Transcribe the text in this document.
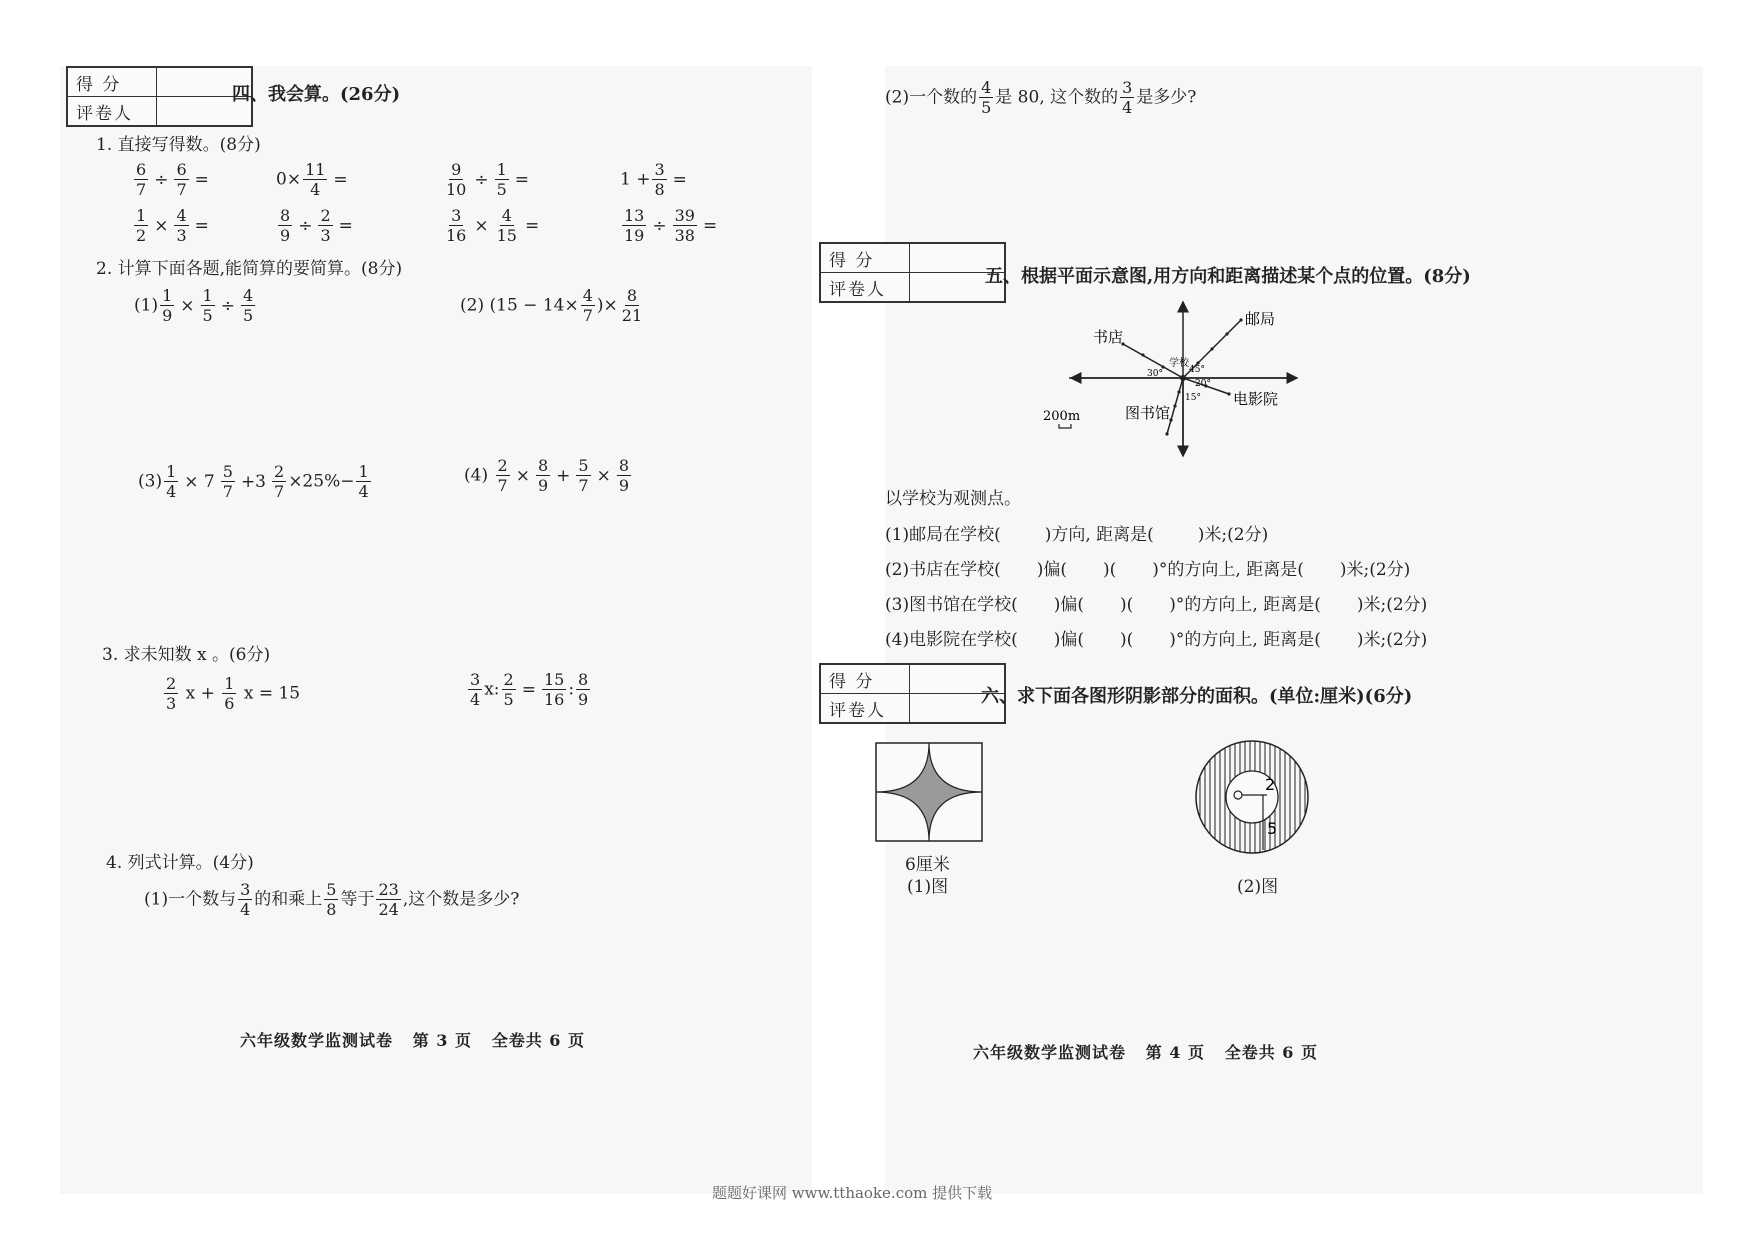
得 分	
评卷人	
四、我会算。(26分)
1. 直接写得数。(8分)
$\frac{6}{7} \div \frac{6}{7}$ =	$0\times \frac{11}{4}$ =	$\frac{9}{10} \div \frac{1}{5}$ =	$1 + \frac{3}{8}$ =
$\frac{1}{2} \times \frac{4}{3}$ =	$\frac{8}{9} \div \frac{2}{3}$ =	$\frac{3}{16} \times \frac{4}{15}$ =	$\frac{13}{19} \div \frac{39}{38}$ =
2. 计算下面各题,能简算的要简算。(8分)
$(1) \frac{1}{9} \times \frac{1}{5} \div \frac{4}{5}$	(2) ($15 - 14\times \frac{4}{7}$ )× $\frac{8}{21}$
$(3) \frac{1}{4} \times 7 \frac{5}{7} +3 \frac{2}{7} \times 25\%- \frac{1}{4}$	$(4) \frac{2}{7} \times \frac{8}{9} + \frac{5}{7} \times \frac{8}{9}$
3. 求未知数 x 。(6分)
$\frac{2}{3}$ $x + \frac{1}{6}$ x = 15	$\frac{3}{4} x$: $\frac{2}{5} = \frac{15}{16}$ : $\frac{8}{9}$
4. 列式计算。(4分)
(1)一个数与 $\frac{3}{4}$ 的和乘上 $\frac{5}{8}$ 等于 $\frac{23}{24}$ ,这个数是多少?
六年级数学监测试卷 第 3 页 全卷共 6 页
(2)一个数的 $\frac{4}{5}$ 是 80, 这个数的 $\frac{3}{4}$ 是多少?
得 分	
评卷人	
五、根据平面示意图,用方向和距离描述某个点的位置。(8分)
邮局
书店
学校
图书馆
电影院
30°	45°
20°
15°
200m
以学校为观测点。
(1)邮局在学校(	)方向, 距离是(	)米;(2分)
(2)书店在学校( )偏( )( )°的方向上, 距离是( )米;(2分)
(3)图书馆在学校( )偏( )( )°的方向上, 距离是( )米;(2分)
(4)电影院在学校( )偏( )( )°的方向上, 距离是( )米;(2分)
得 分	
评卷人	
六、求下面各图形阴影部分的面积。(单位:厘米)(6分)
6厘米
(1)图
2
5
(2)图
六年级数学监测试卷 第 4 页 全卷共 6 页
题题好课网 www.tthaoke.com 提供下载
